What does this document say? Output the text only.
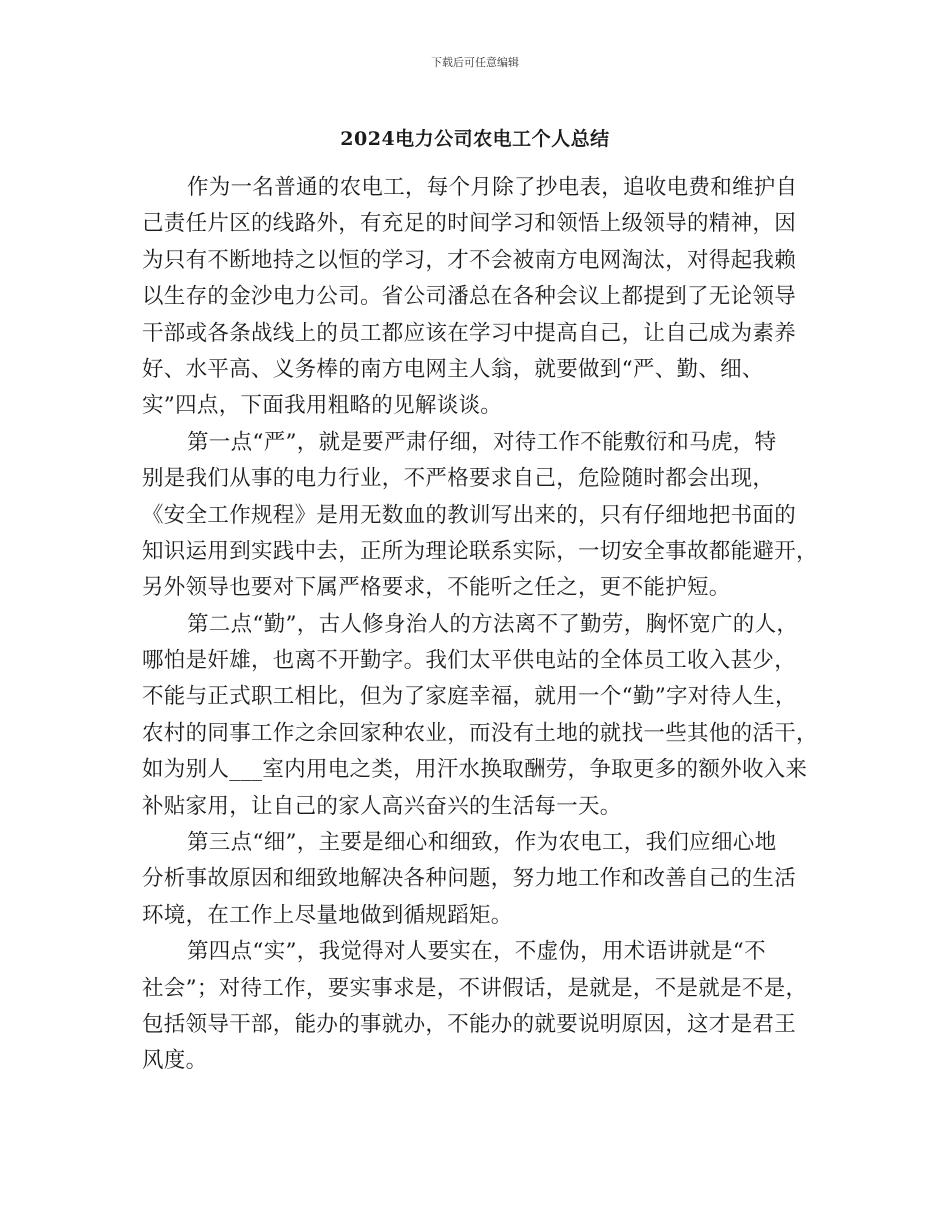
下载后可任意编辑
2024电力公司农电工个人总结
作为一名普通的农电工，每个月除了抄电表，追收电费和维护自
己责任片区的线路外，有充足的时间学习和领悟上级领导的精神，因
为只有不断地持之以恒的学习，才不会被南方电网淘汰，对得起我赖
以生存的金沙电力公司。省公司潘总在各种会议上都提到了无论领导
干部或各条战线上的员工都应该在学习中提高自己，让自己成为素养
好、水平高、义务棒的南方电网主人翁，就要做到“严、勤、细、
实”四点，下面我用粗略的见解谈谈。
第一点“严”，就是要严肃仔细，对待工作不能敷衍和马虎，特
别是我们从事的电力行业，不严格要求自己，危险随时都会出现，
《安全工作规程》是用无数血的教训写出来的，只有仔细地把书面的
知识运用到实践中去，正所为理论联系实际，一切安全事故都能避开，
另外领导也要对下属严格要求，不能听之任之，更不能护短。
第二点“勤”，古人修身治人的方法离不了勤劳，胸怀宽广的人，
哪怕是奸雄，也离不开勤字。我们太平供电站的全体员工收入甚少，
不能与正式职工相比，但为了家庭幸福，就用一个“勤”字对待人生，
农村的同事工作之余回家种农业，而没有土地的就找一些其他的活干，
如为别人___室内用电之类，用汗水换取酬劳，争取更多的额外收入来
补贴家用，让自己的家人高兴奋兴的生活每一天。
第三点“细”，主要是细心和细致，作为农电工，我们应细心地
分析事故原因和细致地解决各种问题，努力地工作和改善自己的生活
环境，在工作上尽量地做到循规蹈矩。
第四点“实”，我觉得对人要实在，不虚伪，用术语讲就是“不
社会”；对待工作，要实事求是，不讲假话，是就是，不是就是不是，
包括领导干部，能办的事就办，不能办的就要说明原因，这才是君王
风度。
